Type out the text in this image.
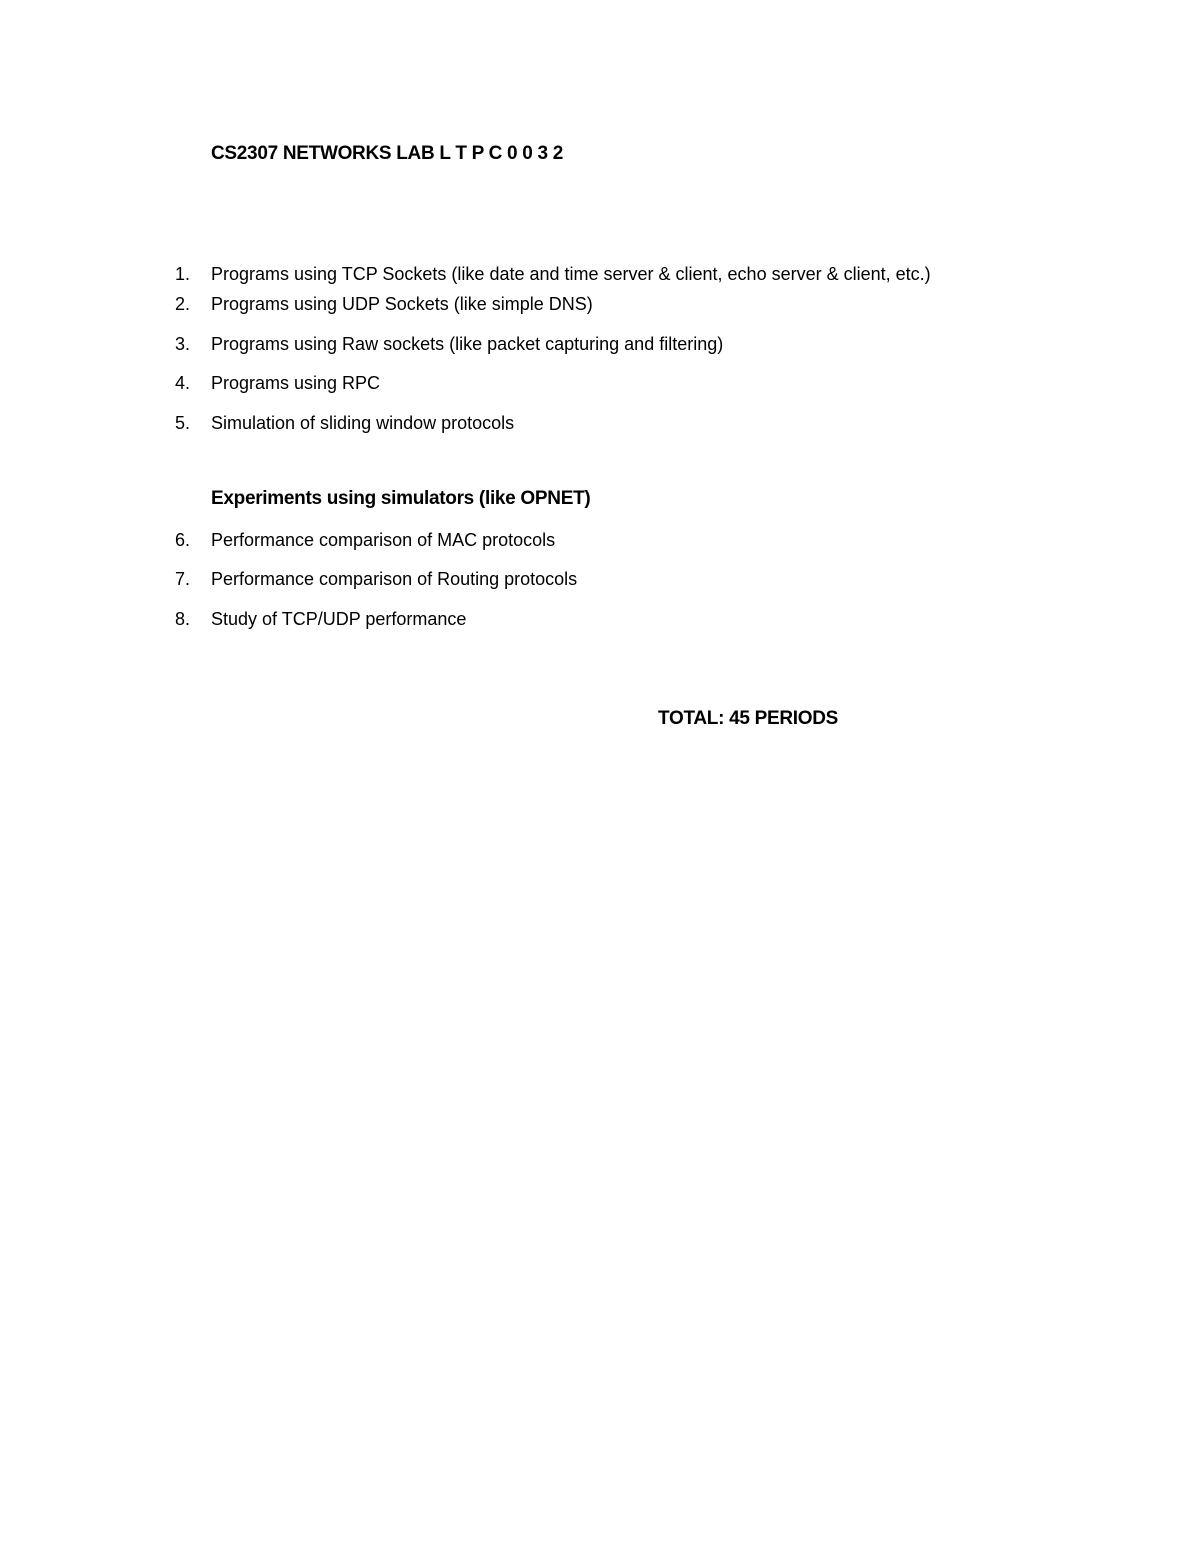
CS2307 NETWORKS LAB L T P C 0 0 3 2
1.	Programs using TCP Sockets (like date and time server & client, echo server & client, etc.)
2.	Programs using UDP Sockets (like simple DNS)
3.	Programs using Raw sockets (like packet capturing and filtering)
4.	Programs using RPC
5.	Simulation of sliding window protocols
Experiments using simulators (like OPNET)
6.	Performance comparison of MAC protocols
7.	Performance comparison of Routing protocols
8.	Study of TCP/UDP performance
TOTAL: 45 PERIODS
